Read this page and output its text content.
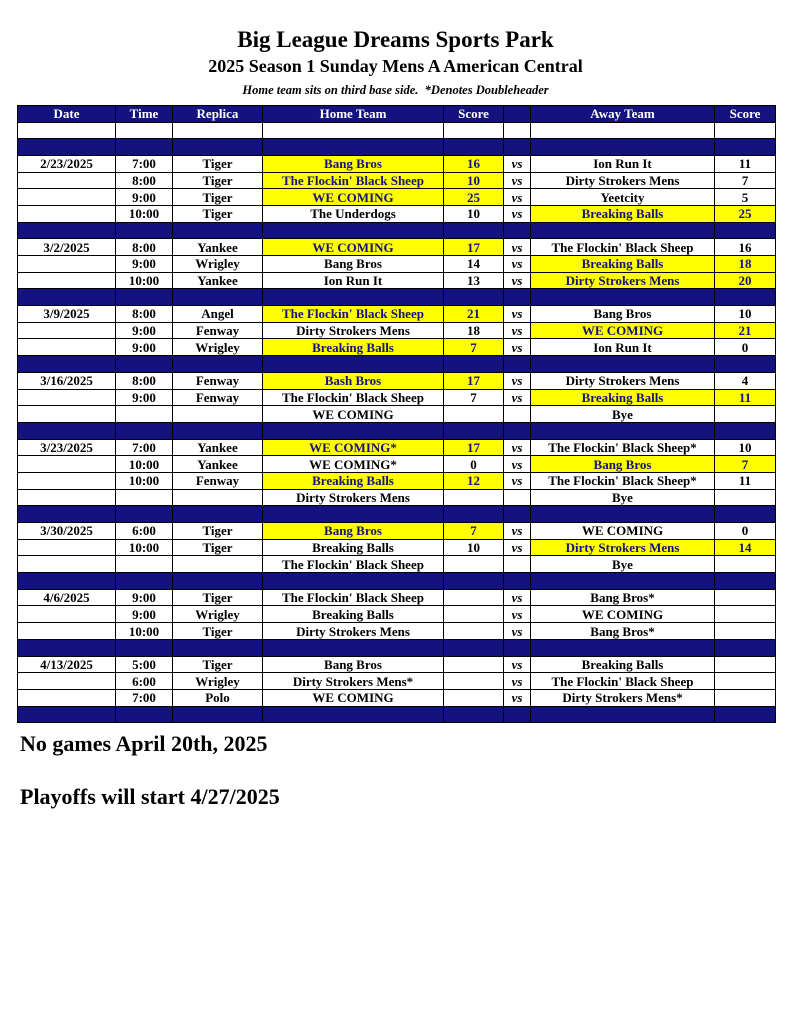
Big League Dreams Sports Park
2025 Season 1 Sunday Mens A American Central
Home team sits on third base side.  *Denotes Doubleheader
Date	Time	Replica	Home Team	Score		Away Team	Score

2/23/2025	7:00	Tiger	Bang Bros	16	vs	Ion Run It	11
	8:00	Tiger	The Flockin' Black Sheep	10	vs	Dirty Strokers Mens	7
	9:00	Tiger	WE COMING	25	vs	Yeetcity	5
	10:00	Tiger	The Underdogs	10	vs	Breaking Balls	25

3/2/2025	8:00	Yankee	WE COMING	17	vs	The Flockin' Black Sheep	16
	9:00	Wrigley	Bang Bros	14	vs	Breaking Balls	18
	10:00	Yankee	Ion Run It	13	vs	Dirty Strokers Mens	20

3/9/2025	8:00	Angel	The Flockin' Black Sheep	21	vs	Bang Bros	10
	9:00	Fenway	Dirty Strokers Mens	18	vs	WE COMING	21
	9:00	Wrigley	Breaking Balls	7	vs	Ion Run It	0

3/16/2025	8:00	Fenway	Bash Bros	17	vs	Dirty Strokers Mens	4
	9:00	Fenway	The Flockin' Black Sheep	7	vs	Breaking Balls	11
			WE COMING			Bye	

3/23/2025	7:00	Yankee	WE COMING*	17	vs	The Flockin' Black Sheep*	10
	10:00	Yankee	WE COMING*	0	vs	Bang Bros	7
	10:00	Fenway	Breaking Balls	12	vs	The Flockin' Black Sheep*	11
			Dirty Strokers Mens			Bye	

3/30/2025	6:00	Tiger	Bang Bros	7	vs	WE COMING	0
	10:00	Tiger	Breaking Balls	10	vs	Dirty Strokers Mens	14
			The Flockin' Black Sheep			Bye	

4/6/2025	9:00	Tiger	The Flockin' Black Sheep		vs	Bang Bros*	
	9:00	Wrigley	Breaking Balls		vs	WE COMING	
	10:00	Tiger	Dirty Strokers Mens		vs	Bang Bros*	

4/13/2025	5:00	Tiger	Bang Bros		vs	Breaking Balls	
	6:00	Wrigley	Dirty Strokers Mens*		vs	The Flockin' Black Sheep	
	7:00	Polo	WE COMING		vs	Dirty Strokers Mens*	

No games April 20th, 2025
Playoffs will start 4/27/2025
